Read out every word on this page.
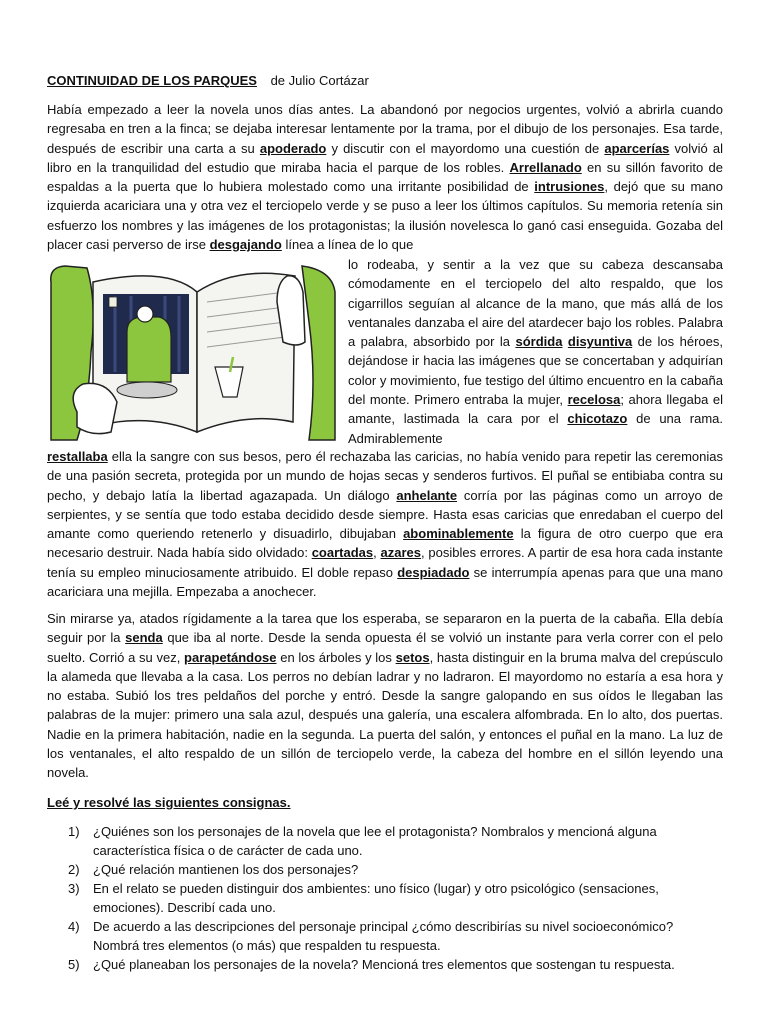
CONTINUIDAD DE LOS PARQUES de Julio Cortázar

Había empezado a leer la novela unos días antes. La abandonó por negocios urgentes, volvió a abrirla cuando regresaba en tren a la finca; se dejaba interesar lentamente por la trama, por el dibujo de los personajes. Esa tarde, después de escribir una carta a su apoderado y discutir con el mayordomo una cuestión de aparcerías volvió al libro en la tranquilidad del estudio que miraba hacia el parque de los robles. Arrellanado en su sillón favorito de espaldas a la puerta que lo hubiera molestado como una irritante posibilidad de intrusiones, dejó que su mano izquierda acariciara una y otra vez el terciopelo verde y se puso a leer los últimos capítulos. Su memoria retenía sin esfuerzo los nombres y las imágenes de los protagonistas; la ilusión novelesca lo ganó casi enseguida. Gozaba del placer casi perverso de irse desgajando línea a línea de lo que

lo rodeaba, y sentir a la vez que su cabeza descansaba cómodamente en el terciopelo del alto respaldo, que los cigarrillos seguían al alcance de la mano, que más allá de los ventanales danzaba el aire del atardecer bajo los robles. Palabra a palabra, absorbido por la sórdida disyuntiva de los héroes, dejándose ir hacia las imágenes que se concertaban y adquirían color y movimiento, fue testigo del último encuentro en la cabaña del monte. Primero entraba la mujer, recelosa; ahora llegaba el amante, lastimada la cara por el chicotazo de una rama. Admirablemente

restallaba ella la sangre con sus besos, pero él rechazaba las caricias, no había venido para repetir las ceremonias de una pasión secreta, protegida por un mundo de hojas secas y senderos furtivos. El puñal se entibiaba contra su pecho, y debajo latía la libertad agazapada. Un diálogo anhelante corría por las páginas como un arroyo de serpientes, y se sentía que todo estaba decidido desde siempre. Hasta esas caricias que enredaban el cuerpo del amante como queriendo retenerlo y disuadirlo, dibujaban abominablemente la figura de otro cuerpo que era necesario destruir. Nada había sido olvidado: coartadas, azares, posibles errores. A partir de esa hora cada instante tenía su empleo minuciosamente atribuido. El doble repaso despiadado se interrumpía apenas para que una mano acariciara una mejilla. Empezaba a anochecer.

Sin mirarse ya, atados rígidamente a la tarea que los esperaba, se separaron en la puerta de la cabaña. Ella debía seguir por la senda que iba al norte. Desde la senda opuesta él se volvió un instante para verla correr con el pelo suelto. Corrió a su vez, parapetándose en los árboles y los setos, hasta distinguir en la bruma malva del crepúsculo la alameda que llevaba a la casa. Los perros no debían ladrar y no ladraron. El mayordomo no estaría a esa hora y no estaba. Subió los tres peldaños del porche y entró. Desde la sangre galopando en sus oídos le llegaban las palabras de la mujer: primero una sala azul, después una galería, una escalera alfombrada. En lo alto, dos puertas. Nadie en la primera habitación, nadie en la segunda. La puerta del salón, y entonces el puñal en la mano. La luz de los ventanales, el alto respaldo de un sillón de terciopelo verde, la cabeza del hombre en el sillón leyendo una novela.

Leé y resolvé las siguientes consignas.
1) ¿Quiénes son los personajes de la novela que lee el protagonista? Nombralos y mencioná alguna característica física o de carácter de cada uno.
2) ¿Qué relación mantienen los dos personajes?
3) En el relato se pueden distinguir dos ambientes: uno físico (lugar) y otro psicológico (sensaciones, emociones). Describí cada uno.
4) De acuerdo a las descripciones del personaje principal ¿cómo describirías su nivel socioeconómico? Nombrá tres elementos (o más) que respalden tu respuesta.
5) ¿Qué planeaban los personajes de la novela? Mencioná tres elementos que sostengan tu respuesta.
